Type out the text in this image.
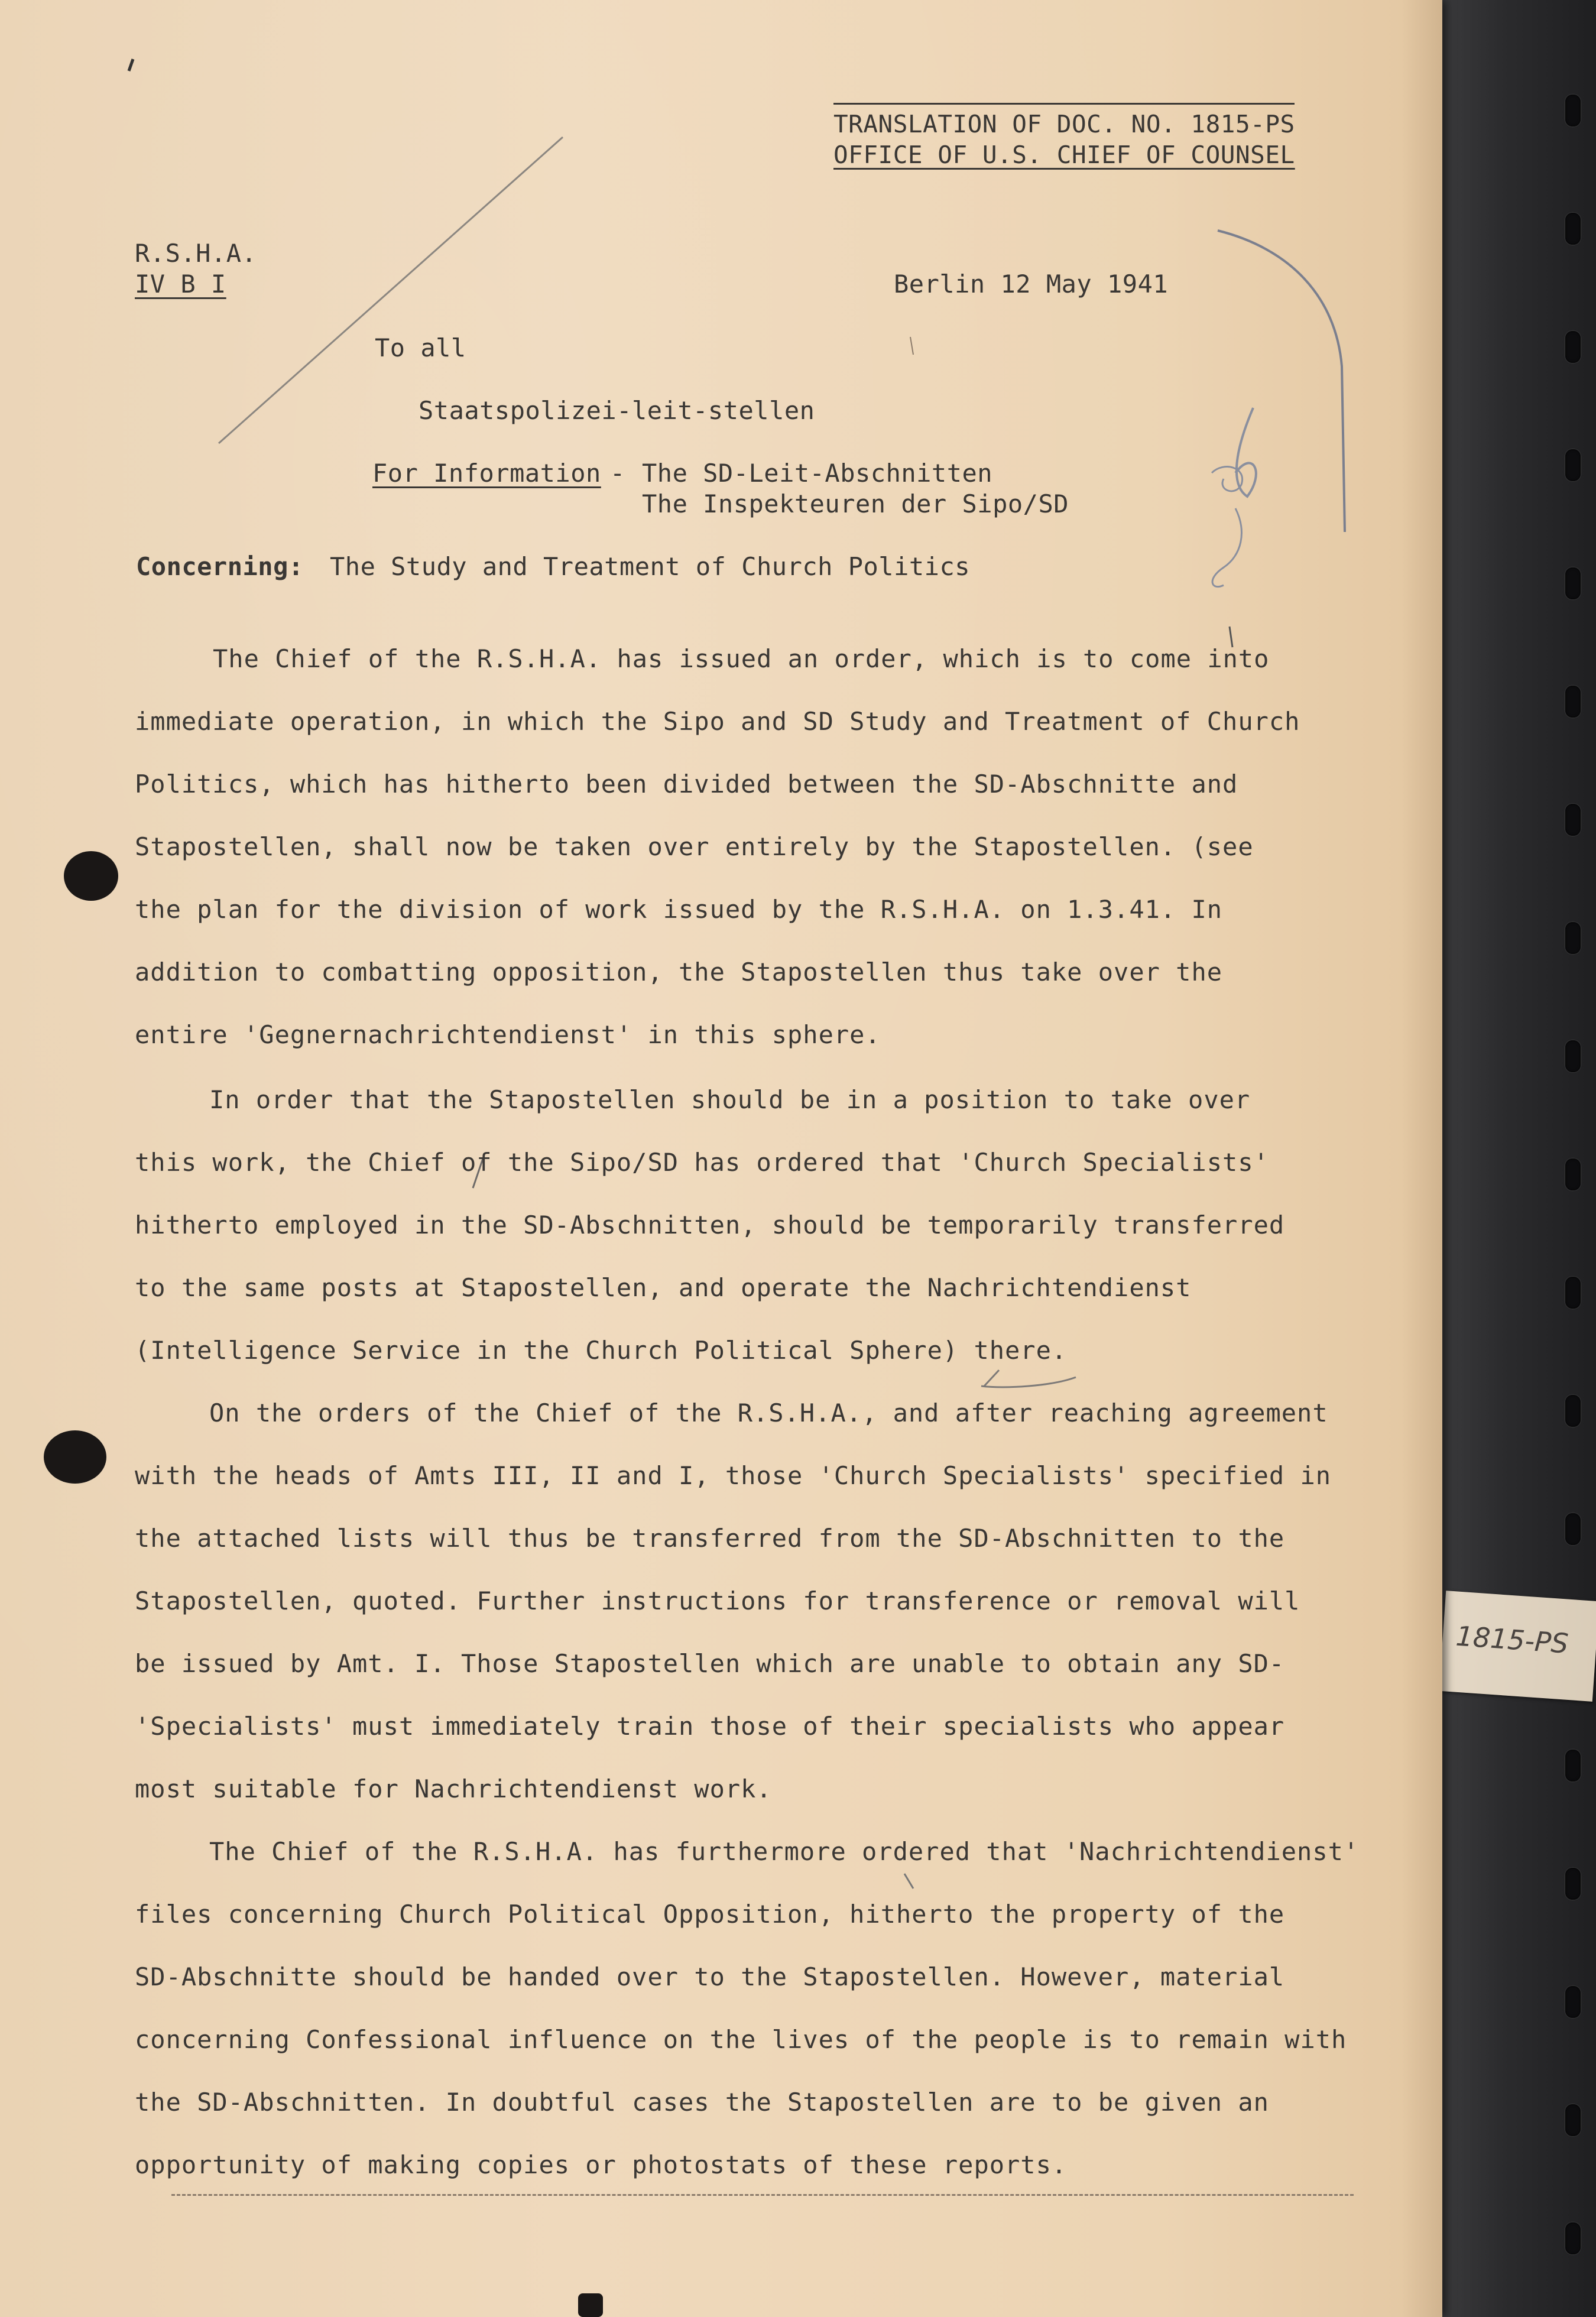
1815-PS
TRANSLATION OF DOC. NO. 1815-PS
OFFICE OF U.S. CHIEF OF COUNSEL
R.S.H.A.
IV B I	Berlin 12 May 1941
To all
Staatspolizei-leit-stellen
For Information - The SD-Leit-Abschnitten
The Inspekteuren der Sipo/SD
Concerning: The Study and Treatment of Church Politics
The Chief of the R.S.H.A. has issued an order, which is to come into
immediate operation, in which the Sipo and SD Study and Treatment of Church
Politics, which has hitherto been divided between the SD-Abschnitte and
Stapostellen, shall now be taken over entirely by the Stapostellen. (see
the plan for the division of work issued by the R.S.H.A. on 1.3.41. In
addition to combatting opposition, the Stapostellen thus take over the
entire 'Gegnernachrichtendienst' in this sphere.
In order that the Stapostellen should be in a position to take over
this work, the Chief of the Sipo/SD has ordered that 'Church Specialists'
hitherto employed in the SD-Abschnitten, should be temporarily transferred
to the same posts at Stapostellen, and operate the Nachrichtendienst
(Intelligence Service in the Church Political Sphere) there.
On the orders of the Chief of the R.S.H.A., and after reaching agreement
with the heads of Amts III, II and I, those 'Church Specialists' specified in
the attached lists will thus be transferred from the SD-Abschnitten to the
Stapostellen, quoted. Further instructions for transference or removal will
be issued by Amt. I. Those Stapostellen which are unable to obtain any SD-
'Specialists' must immediately train those of their specialists who appear
most suitable for Nachrichtendienst work.
The Chief of the R.S.H.A. has furthermore ordered that 'Nachrichtendienst'
files concerning Church Political Opposition, hitherto the property of the
SD-Abschnitte should be handed over to the Stapostellen. However, material
concerning Confessional influence on the lives of the people is to remain with
the SD-Abschnitten. In doubtful cases the Stapostellen are to be given an
opportunity of making copies or photostats of these reports.
